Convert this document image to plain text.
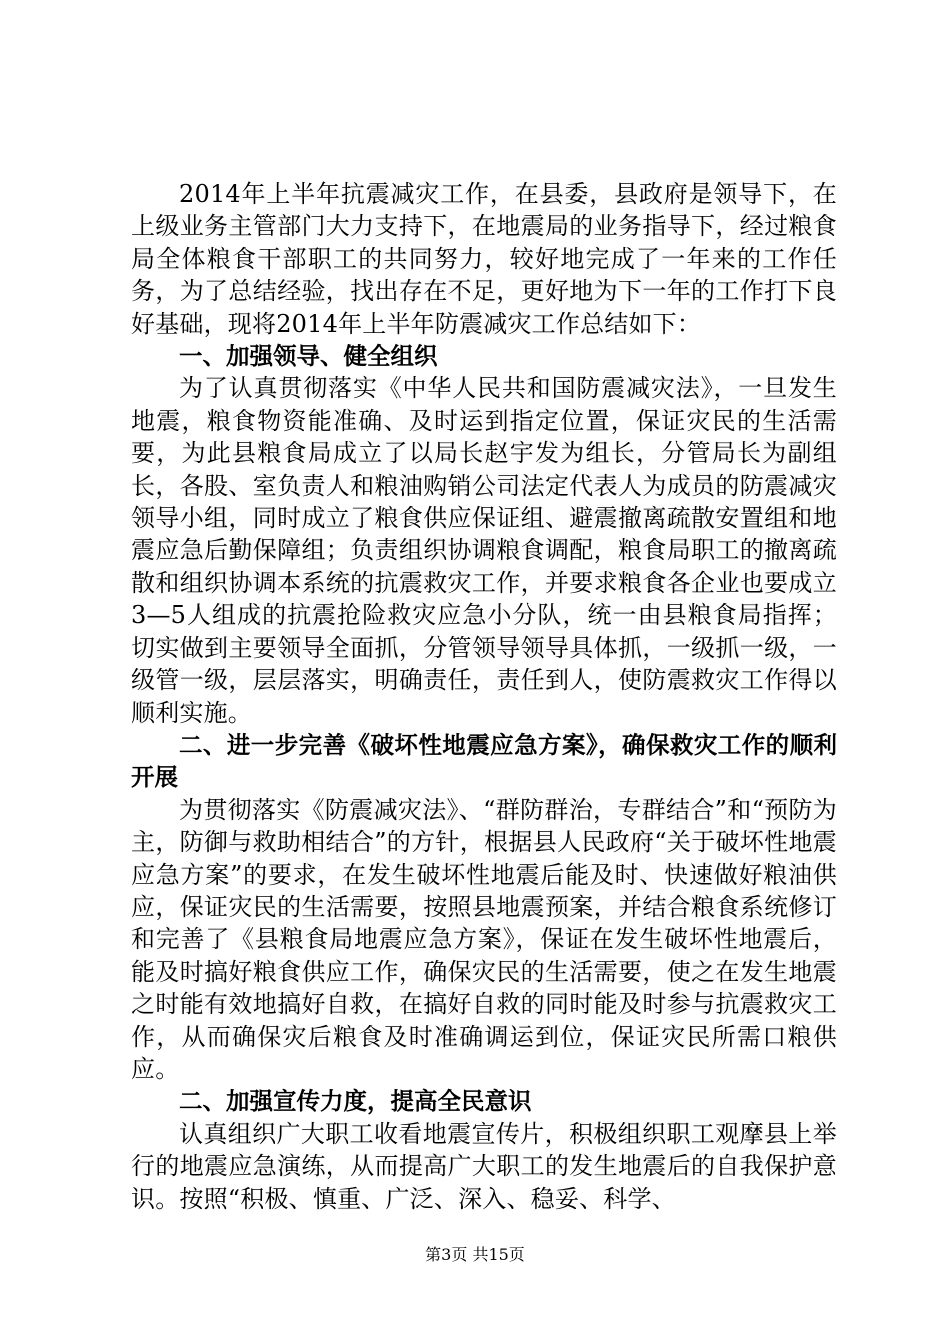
2014年上半年抗震减灾工作，在县委，县政府是领导下，在上级业务主管部门大力支持下，在地震局的业务指导下，经过粮食局全体粮食干部职工的共同努力，较好地完成了一年来的工作任务，为了总结经验，找出存在不足，更好地为下一年的工作打下良好基础，现将2014年上半年防震减灾工作总结如下：

一、加强领导、健全组织

为了认真贯彻落实《中华人民共和国防震减灾法》，一旦发生地震，粮食物资能准确、及时运到指定位置，保证灾民的生活需要，为此县粮食局成立了以局长赵宇发为组长，分管局长为副组长，各股、室负责人和粮油购销公司法定代表人为成员的防震减灾领导小组，同时成立了粮食供应保证组、避震撤离疏散安置组和地震应急后勤保障组；负责组织协调粮食调配，粮食局职工的撤离疏散和组织协调本系统的抗震救灾工作，并要求粮食各企业也要成立3—5人组成的抗震抢险救灾应急小分队，统一由县粮食局指挥；切实做到主要领导全面抓，分管领导领导具体抓，一级抓一级，一级管一级，层层落实，明确责任，责任到人，使防震救灾工作得以顺利实施。

二、进一步完善《破坏性地震应急方案》，确保救灾工作的顺利开展

为贯彻落实《防震减灾法》、“群防群治，专群结合”和“预防为主，防御与救助相结合”的方针，根据县人民政府“关于破坏性地震应急方案”的要求，在发生破坏性地震后能及时、快速做好粮油供应，保证灾民的生活需要，按照县地震预案，并结合粮食系统修订和完善了《县粮食局地震应急方案》，保证在发生破坏性地震后，能及时搞好粮食供应工作，确保灾民的生活需要，使之在发生地震之时能有效地搞好自救，在搞好自救的同时能及时参与抗震救灾工作，从而确保灾后粮食及时准确调运到位，保证灾民所需口粮供应。

二、加强宣传力度，提高全民意识

认真组织广大职工收看地震宣传片，积极组织职工观摩县上举行的地震应急演练，从而提高广大职工的发生地震后的自我保护意识。按照“积极、慎重、广泛、深入、稳妥、科学、

第3页 共15页
